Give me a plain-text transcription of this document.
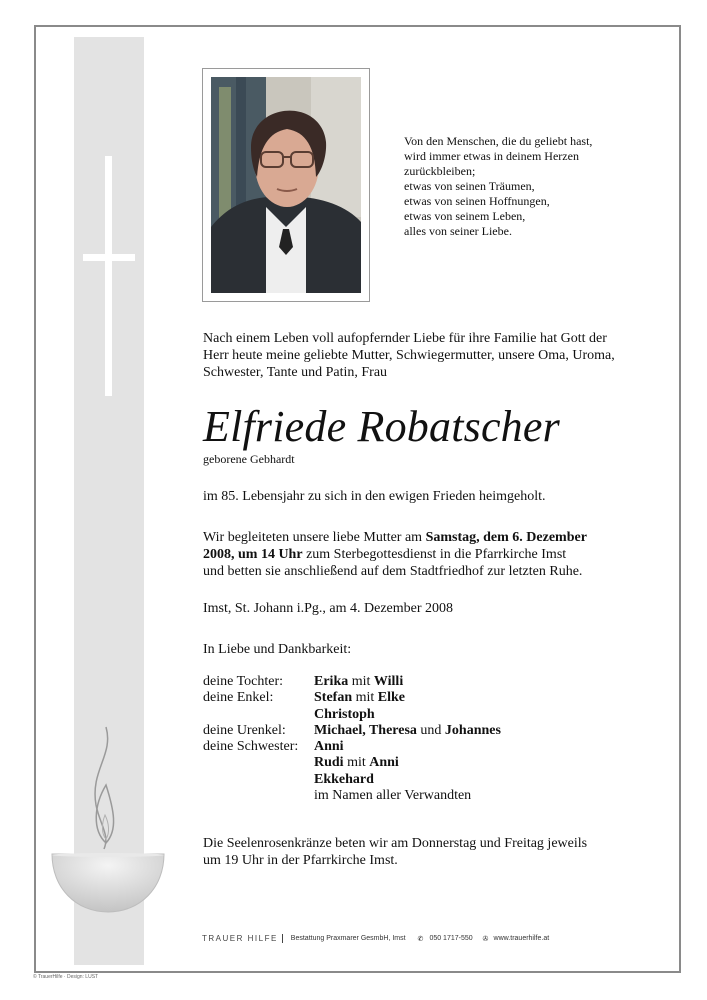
Von den Menschen, die du geliebt hast,
wird immer etwas in deinem Herzen
zurückbleiben;
etwas von seinen Träumen,
etwas von seinen Hoffnungen,
etwas von seinem Leben,
alles von seiner Liebe.
Nach einem Leben voll aufopfernder Liebe für ihre Familie hat Gott der
Herr heute meine geliebte Mutter, Schwiegermutter, unsere Oma, Uroma,
Schwester, Tante und Patin, Frau
Elfriede Robatscher
geborene Gebhardt
im 85. Lebensjahr zu sich in den ewigen Frieden heimgeholt.
Wir begleiteten unsere liebe Mutter am Samstag, dem 6. Dezember
2008, um 14 Uhr zum Sterbegottesdienst in die Pfarrkirche Imst
und betten sie anschließend auf dem Stadtfriedhof zur letzten Ruhe.
Imst, St. Johann i.Pg., am 4. Dezember 2008
In Liebe und Dankbarkeit:
deine Tochter:	Erika mit Willi
deine Enkel:	Stefan mit Elke
Christoph
deine Urenkel:	Michael, Theresa und Johannes
deine Schwester:	Anni
Rudi mit Anni
Ekkehard
im Namen aller Verwandten
Die Seelenrosenkränze beten wir am Donnerstag und Freitag jeweils
um 19 Uhr in der Pfarrkirche Imst.
TRAUER HILFE	Bestattung Praxmarer GesmbH, Imst ✆ 050 1717-550 ✇ www.trauerhilfe.at
© TrauerHilfe · Design: LUST
